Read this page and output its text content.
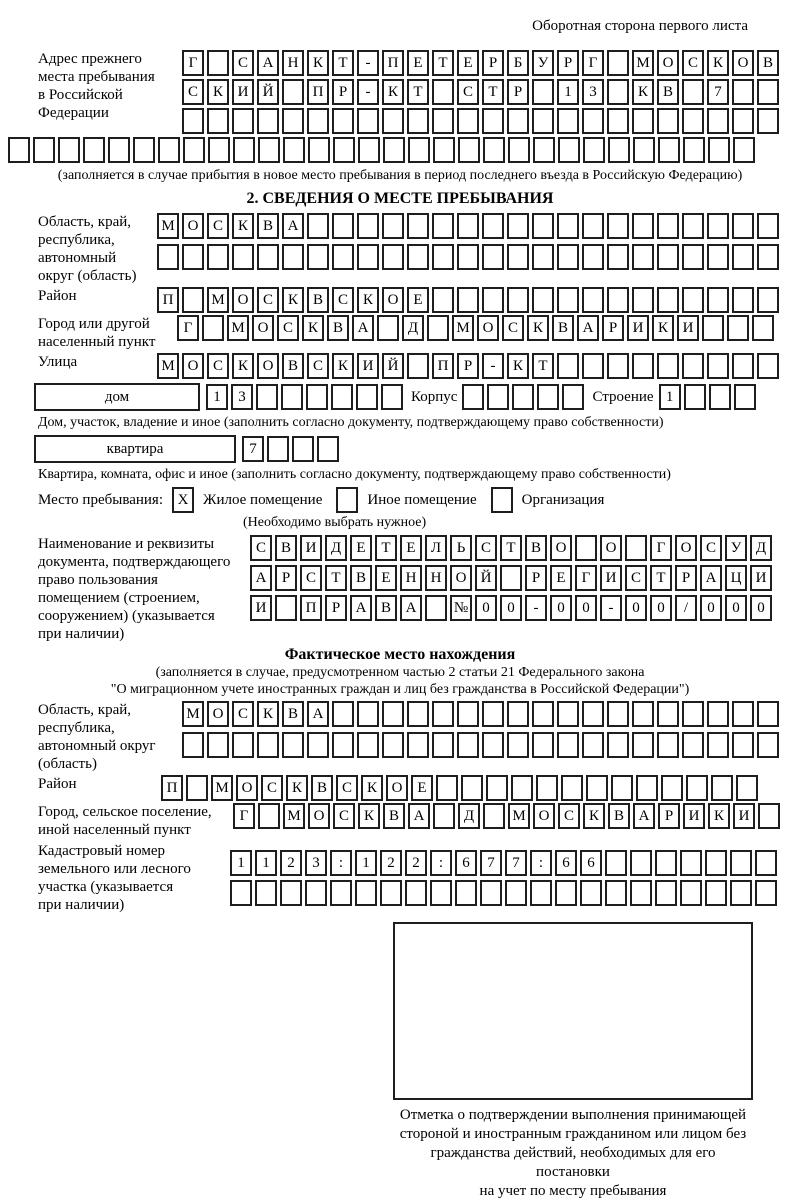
Оборотная сторона первого листа
Адрес прежнего
места пребывания
в Российской
Федерации
Г	С А Н К	Т	-	П Е	Т	Е	Р	Б	У	Р	Г	М О С К О В
С К И Й	П	Р	-	К	Т	С	Т	Р	1	3	К В	7
(заполняется в случае прибытия в новое место пребывания в период последнего въезда в Российскую Федерацию)
2. СВЕДЕНИЯ О МЕСТЕ ПРЕБЫВАНИЯ
Область, край,
республика,
автономный
округ (область)
М О С К В А
Район	П	М О С К В С К О Е
Город или другой
населенный пункт
Г	М О С К В А	Д	М О С К В А	Р	И К И
Улица	М О С К О В С К И Й	П	Р	-	К	Т
дом	1	3	Корпус	Строение 1
Дом, участок, владение и иное (заполнить согласно документу, подтверждающему право собственности)
квартира	7
Квартира, комната, офис и иное (заполнить согласно документу, подтверждающему право собственности)
Место пребывания: X Жилое помещение	Иное помещение	Организация
(Необходимо выбрать нужное)
Наименование и реквизиты
документа, подтверждающего
право пользования
помещением (строением,
сооружением) (указывается
при наличии)
С В И Д	Е	Т	Е	Л	Ь	С	Т	В О	О	Г	О С У Д
А	Р	С	Т	В	Е	Н Н О Й	Р	Е	Г	И С	Т	Р	А Ц И
И	П	Р	А В А	№ 0	0	-	0	0	-	0	0	/	0	0	0
Фактическое место нахождения
(заполняется в случае, предусмотренном частью 2 статьи 21 Федерального закона
"О миграционном учете иностранных граждан и лиц без гражданства в Российской Федерации")
Область, край,
республика,
автономный округ
(область)
М О С К В А
Район	П	М О С К В С К О Е
Город, сельское поселение,
иной населенный пункт
Г	М О С К В А	Д	М О С К В А	Р	И К И
Кадастровый номер
земельного или лесного
участка (указывается
при наличии)
1	1	2	3	:	1	2	2	:	6	7	7	:	6	6
Отметка о подтверждении выполнения принимающей
стороной и иностранным гражданином или лицом без
гражданства действий, необходимых для его постановки
на учет по месту пребывания
